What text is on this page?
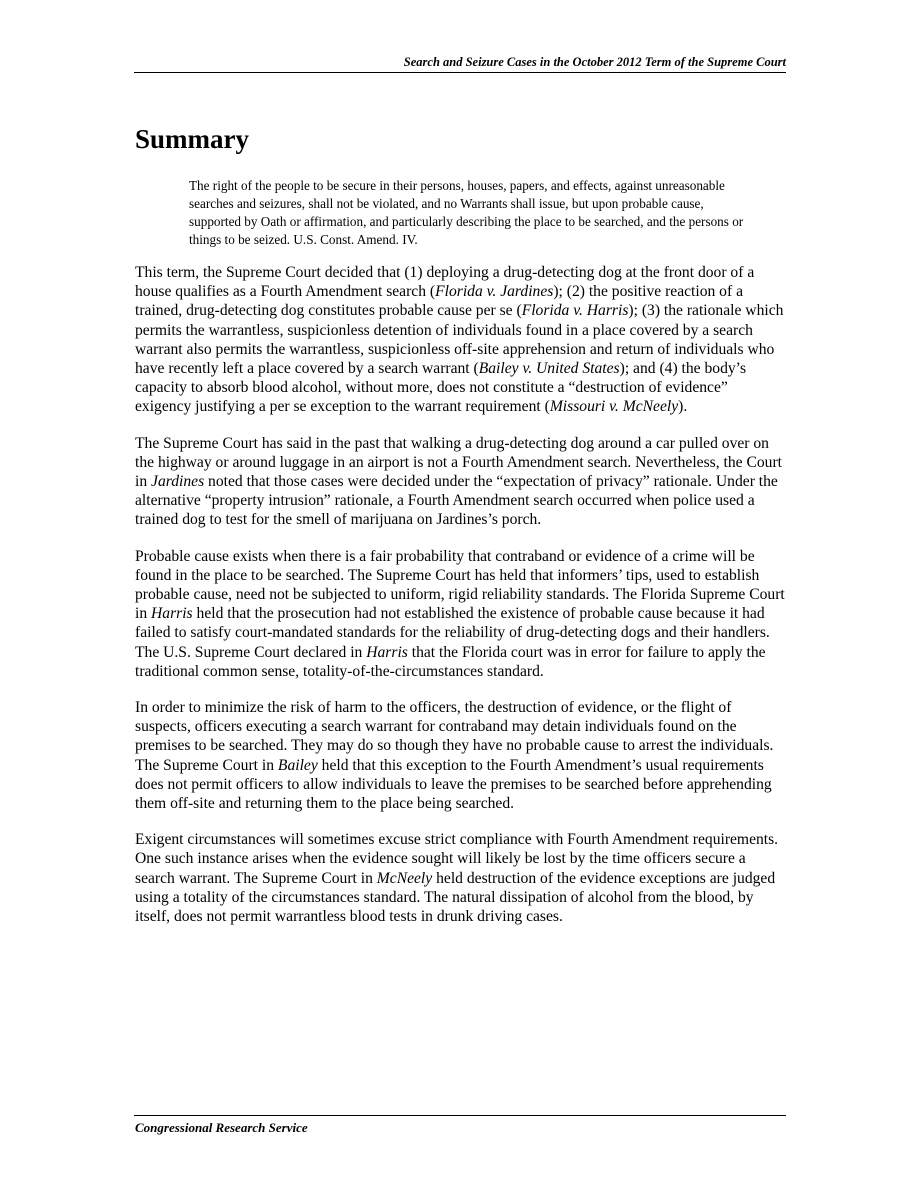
Search and Seizure Cases in the October 2012 Term of the Supreme Court
Summary
The right of the people to be secure in their persons, houses, papers, and effects, against unreasonable searches and seizures, shall not be violated, and no Warrants shall issue, but upon probable cause, supported by Oath or affirmation, and particularly describing the place to be searched, and the persons or things to be seized. U.S. Const. Amend. IV.

This term, the Supreme Court decided that (1) deploying a drug-detecting dog at the front door of a house qualifies as a Fourth Amendment search (Florida v. Jardines); (2) the positive reaction of a trained, drug-detecting dog constitutes probable cause per se (Florida v. Harris); (3) the rationale which permits the warrantless, suspicionless detention of individuals found in a place covered by a search warrant also permits the warrantless, suspicionless off-site apprehension and return of individuals who have recently left a place covered by a search warrant (Bailey v. United States); and (4) the body’s capacity to absorb blood alcohol, without more, does not constitute a “destruction of evidence” exigency justifying a per se exception to the warrant requirement (Missouri v. McNeely).

The Supreme Court has said in the past that walking a drug-detecting dog around a car pulled over on the highway or around luggage in an airport is not a Fourth Amendment search. Nevertheless, the Court in Jardines noted that those cases were decided under the “expectation of privacy” rationale. Under the alternative “property intrusion” rationale, a Fourth Amendment search occurred when police used a trained dog to test for the smell of marijuana on Jardines’s porch.

Probable cause exists when there is a fair probability that contraband or evidence of a crime will be found in the place to be searched. The Supreme Court has held that informers’ tips, used to establish probable cause, need not be subjected to uniform, rigid reliability standards. The Florida Supreme Court in Harris held that the prosecution had not established the existence of probable cause because it had failed to satisfy court-mandated standards for the reliability of drug-detecting dogs and their handlers. The U.S. Supreme Court declared in Harris that the Florida court was in error for failure to apply the traditional common sense, totality-of-the-circumstances standard.

In order to minimize the risk of harm to the officers, the destruction of evidence, or the flight of suspects, officers executing a search warrant for contraband may detain individuals found on the premises to be searched. They may do so though they have no probable cause to arrest the individuals. The Supreme Court in Bailey held that this exception to the Fourth Amendment’s usual requirements does not permit officers to allow individuals to leave the premises to be searched before apprehending them off-site and returning them to the place being searched.

Exigent circumstances will sometimes excuse strict compliance with Fourth Amendment requirements. One such instance arises when the evidence sought will likely be lost by the time officers secure a search warrant. The Supreme Court in McNeely held destruction of the evidence exceptions are judged using a totality of the circumstances standard. The natural dissipation of alcohol from the blood, by itself, does not permit warrantless blood tests in drunk driving cases.

Congressional Research Service
